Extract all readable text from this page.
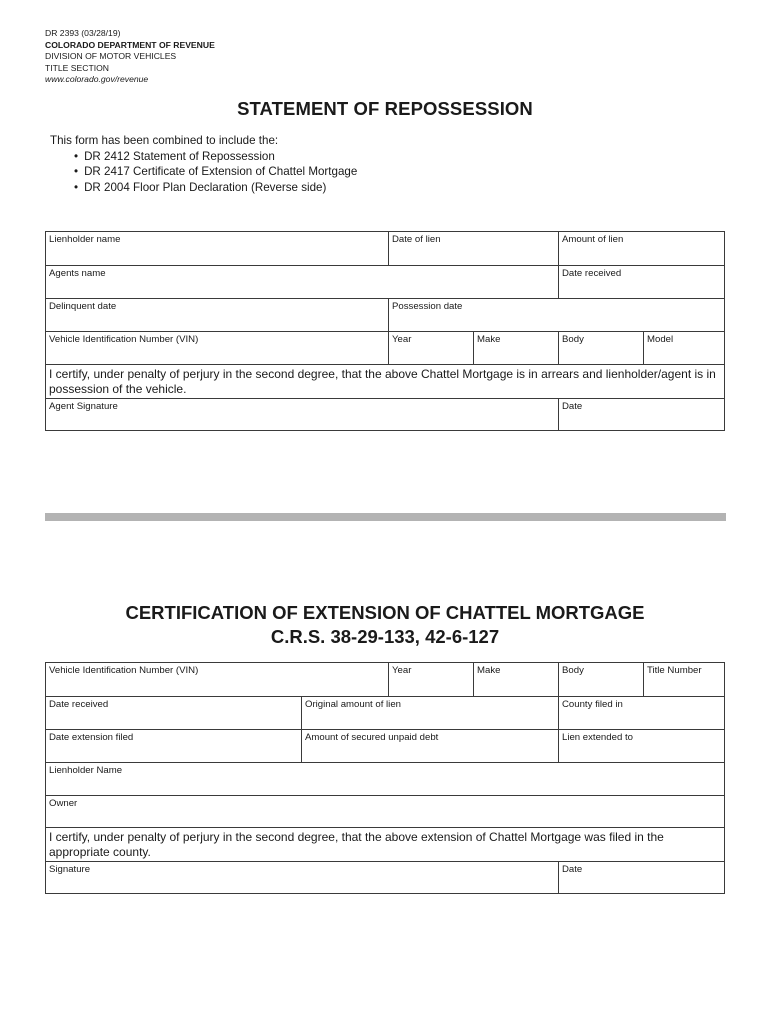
DR 2393 (03/28/19)
COLORADO DEPARTMENT OF REVENUE
DIVISION OF MOTOR VEHICLES
TITLE SECTION
www.colorado.gov/revenue
STATEMENT OF REPOSSESSION
This form has been combined to include the:
• DR 2412 Statement of Repossession
• DR 2417 Certificate of Extension of Chattel Mortgage
• DR 2004 Floor Plan Declaration (Reverse side)
Lienholder name	Date of lien	Amount of lien
Agents name	Date received
Delinquent date	Possession date
Vehicle Identification Number (VIN)	Year	Make	Body	Model
I certify, under penalty of perjury in the second degree, that the above Chattel Mortgage is in arrears and lienholder/agent is in possession of the vehicle.
Agent Signature	Date
CERTIFICATION OF EXTENSION OF CHATTEL MORTGAGE
C.R.S. 38-29-133, 42-6-127
Vehicle Identification Number (VIN)	Year	Make	Body	Title Number
Date received	Original amount of lien	County filed in
Date extension filed	Amount of secured unpaid debt	Lien extended to
Lienholder Name
Owner
I certify, under penalty of perjury in the second degree, that the above extension of Chattel Mortgage was filed in the appropriate county.
Signature	Date
